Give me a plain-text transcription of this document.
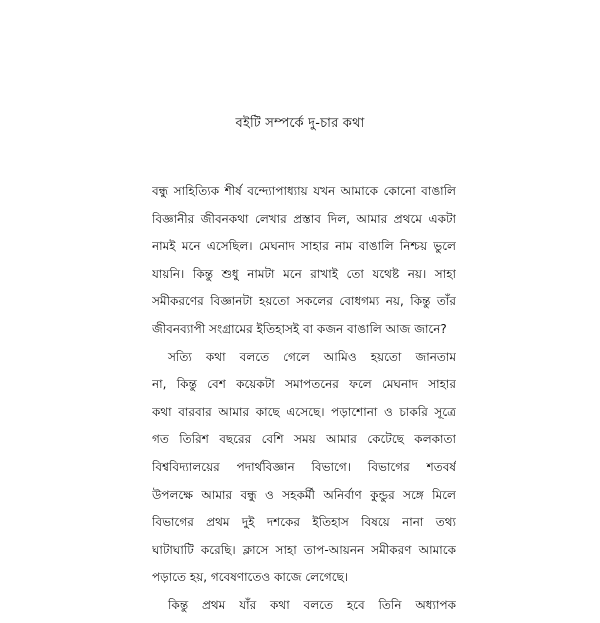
বইটি সম্পর্কে দু-চার কথা
বন্ধু সাহিত্যিক শীর্ষ বন্দ্যোপাধ্যায় যখন আমাকে কোনো বাঙালি
বিজ্ঞানীর জীবনকথা লেখার প্রস্তাব দিল, আমার প্রথমে একটা
নামই মনে এসেছিল। মেঘনাদ সাহার নাম বাঙালি নিশ্চয় ভুলে
যায়নি। কিন্তু শুধু নামটা মনে রাখাই তো যথেষ্ট নয়। সাহা
সমীকরণের বিজ্ঞানটা হয়তো সকলের বোধগম্য নয়, কিন্তু তাঁর
জীবনব্যাপী সংগ্রামের ইতিহাসই বা কজন বাঙালি আজ জানে?
সত্যি কথা বলতে গেলে আমিও হয়তো জানতাম
না, কিন্তু বেশ কয়েকটা সমাপতনের ফলে মেঘনাদ সাহার
কথা বারবার আমার কাছে এসেছে। পড়াশোনা ও চাকরি সূত্রে
গত তিরিশ বছরের বেশি সময় আমার কেটেছে কলকাতা
বিশ্ববিদ্যালয়ের পদার্থবিজ্ঞান বিভাগে। বিভাগের শতবর্ষ
উপলক্ষে আমার বন্ধু ও সহকর্মী অনির্বাণ কুন্ডুর সঙ্গে মিলে
বিভাগের প্রথম দুই দশকের ইতিহাস বিষয়ে নানা তথ্য
ঘাটাঘাটি করেছি। ক্লাসে সাহা তাপ-আয়নন সমীকরণ আমাকে
পড়াতে হয়, গবেষণাতেও কাজে লেগেছে।
কিন্তু প্রথম যাঁর কথা বলতে হবে তিনি অধ্যাপক
